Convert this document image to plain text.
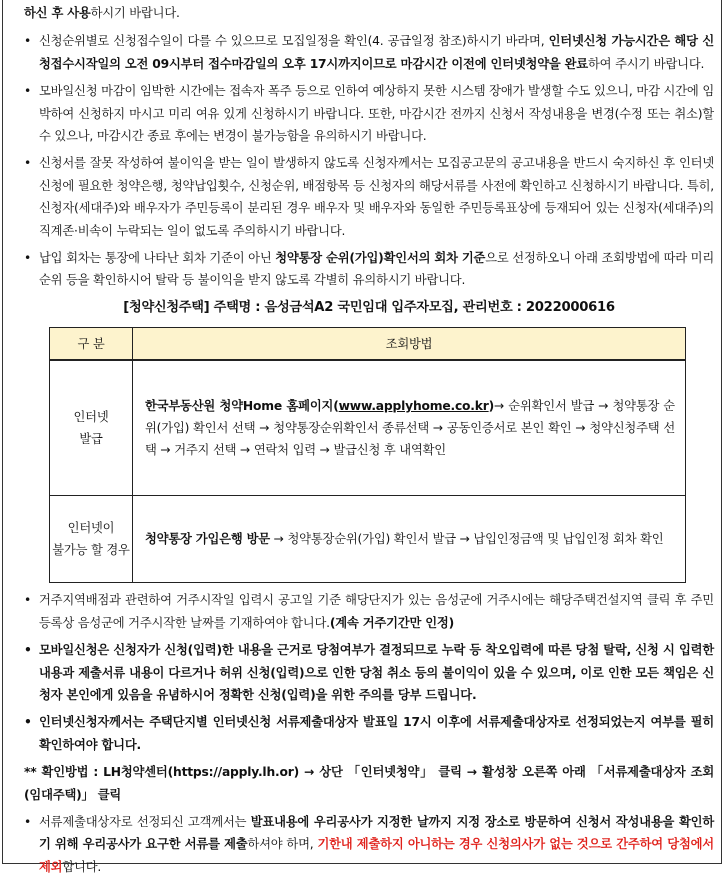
하신 후 사용하시기 바랍니다.

• 신청순위별로 신청접수일이 다를 수 있으므로 모집일정을 확인(4. 공급일정 참조)하시기 바라며, 인터넷신청 가능시간은 해당 신청접수시작일의 오전 09시부터 접수마감일의 오후 17시까지이므로 마감시간 이전에 인터넷청약을 완료하여 주시기 바랍니다.

• 모바일신청 마감이 임박한 시간에는 접속자 폭주 등으로 인하여 예상하지 못한 시스템 장애가 발생할 수도 있으니, 마감 시간에 임박하여 신청하지 마시고 미리 여유 있게 신청하시기 바랍니다. 또한, 마감시간 전까지 신청서 작성내용을 변경(수정 또는 취소)할 수 있으나, 마감시간 종료 후에는 변경이 불가능함을 유의하시기 바랍니다.

• 신청서를 잘못 작성하여 불이익을 받는 일이 발생하지 않도록 신청자께서는 모집공고문의 공고내용을 반드시 숙지하신 후 인터넷신청에 필요한 청약은행, 청약납입횟수, 신청순위, 배점항목 등 신청자의 해당서류를 사전에 확인하고 신청하시기 바랍니다. 특히, 신청자(세대주)와 배우자가 주민등록이 분리된 경우 배우자 및 배우자와 동일한 주민등록표상에 등재되어 있는 신청자(세대주)의 직계존·비속이 누락되는 일이 없도록 주의하시기 바랍니다.

• 납입 회차는 통장에 나타난 회차 기준이 아닌 청약통장 순위(가입)확인서의 회차 기준으로 선정하오니 아래 조회방법에 따라 미리 순위 등을 확인하시어 탈락 등 불이익을 받지 않도록 각별히 유의하시기 바랍니다.

[청약신청주택] 주택명 : 음성금석A2 국민임대 입주자모집, 관리번호 : 2022000616
구 분	조회방법

인터넷
발급	한국부동산원 청약Home 홈페이지(www.applyhome.co.kr)→ 순위확인서 발급 → 청약통장 순위(가입) 확인서 선택 → 청약통장순위확인서 종류선택 → 공동인증서로 본인 확인 → 청약신청주택 선택 → 거주지 선택 → 연락처 입력 → 발급신청 후 내역확인

인터넷이
불가능 할 경우	청약통장 가입은행 방문 → 청약통장순위(가입) 확인서 발급 → 납입인정금액 및 납입인정 회차 확인

• 거주지역배점과 관련하여 거주시작일 입력시 공고일 기준 해당단지가 있는 음성군에 거주시에는 해당주택건설지역 클릭 후 주민등록상 음성군에 거주시작한 날짜를 기재하여야 합니다.(계속 거주기간만 인정)

• 모바일신청은 신청자가 신청(입력)한 내용을 근거로 당첨여부가 결정되므로 누락 등 착오입력에 따른 당첨 탈락, 신청 시 입력한 내용과 제출서류 내용이 다르거나 허위 신청(입력)으로 인한 당첨 취소 등의 불이익이 있을 수 있으며, 이로 인한 모든 책임은 신청자 본인에게 있음을 유념하시어 정확한 신청(입력)을 위한 주의를 당부 드립니다.

• 인터넷신청자께서는 주택단지별 인터넷신청 서류제출대상자 발표일 17시 이후에 서류제출대상자로 선정되었는지 여부를 필히 확인하여야 합니다.

** 확인방법 : LH청약센터(https://apply.lh.or) → 상단 「인터넷청약」 클릭 → 활성창 오른쪽 아래 「서류제출대상자 조회(임대주택)」 클릭

• 서류제출대상자로 선정되신 고객께서는 발표내용에 우리공사가 지정한 날까지 지정 장소로 방문하여 신청서 작성내용을 확인하기 위해 우리공사가 요구한 서류를 제출하셔야 하며, 기한내 제출하지 아니하는 경우 신청의사가 없는 것으로 간주하여 당첨에서 제외합니다.
